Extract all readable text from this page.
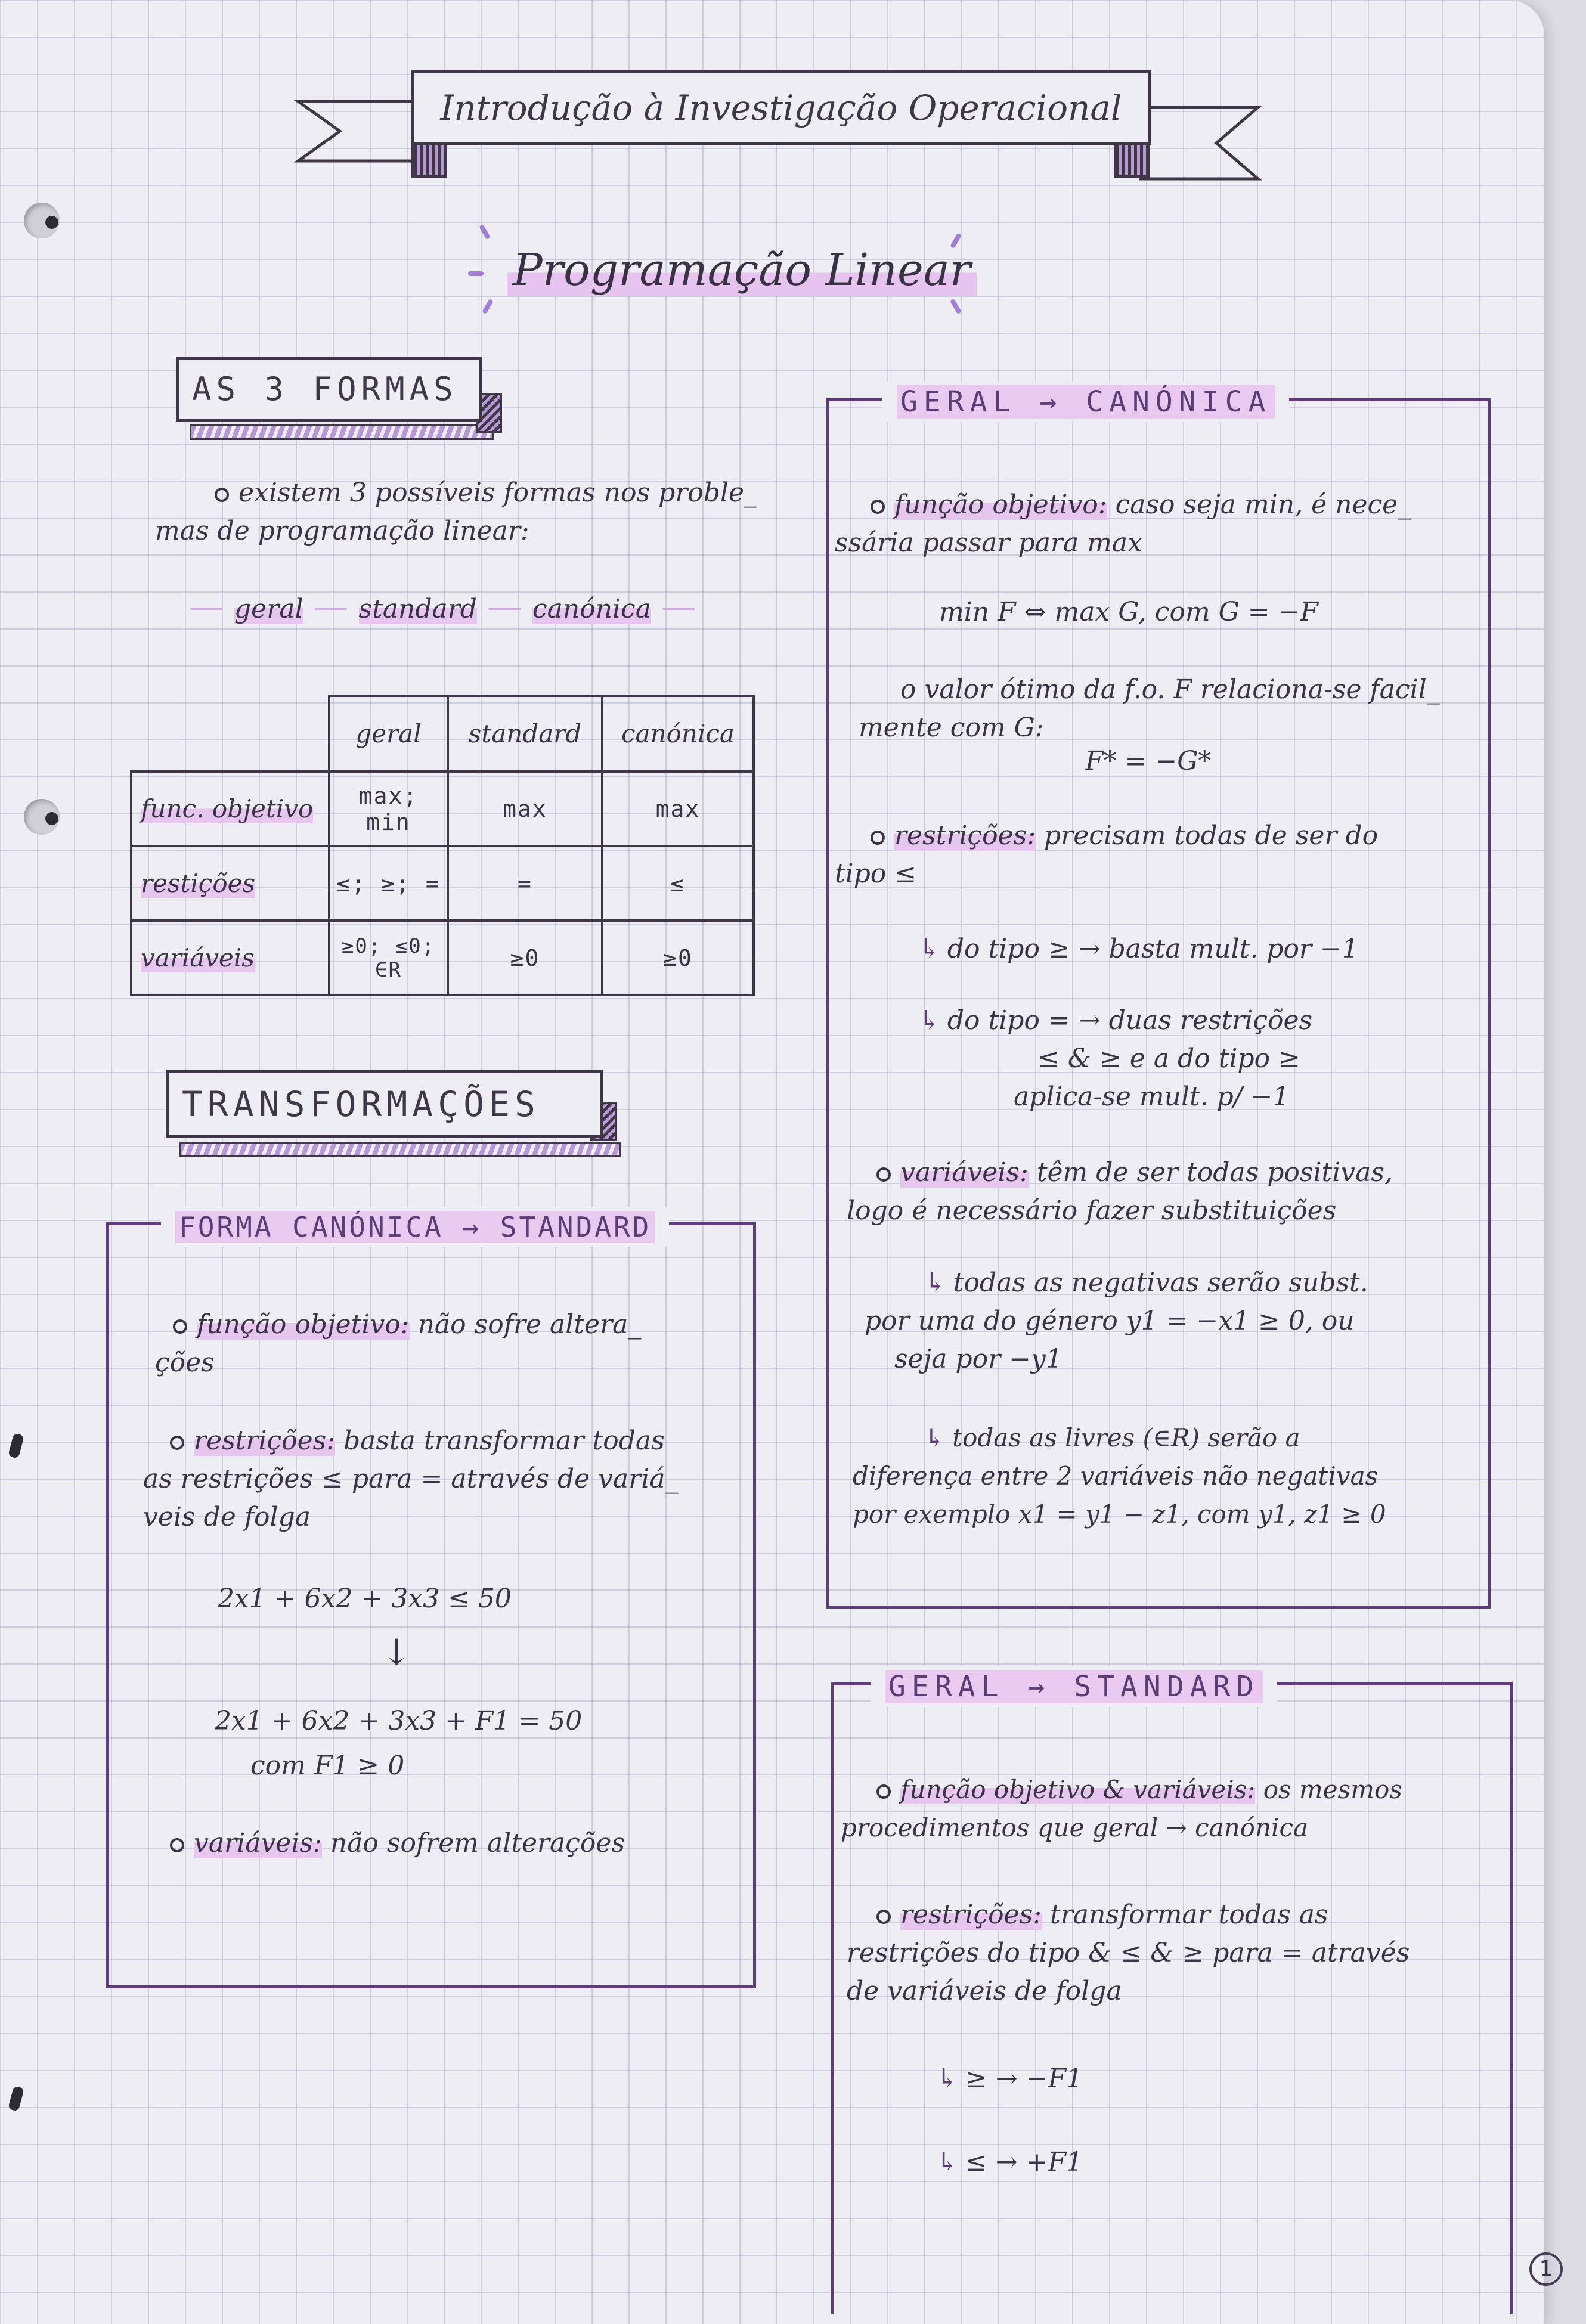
Introdução à Investigação Operacional
Programação Linear
AS 3 FORMAS
existem 3 possíveis formas nos proble_
mas de programação linear:
── geral ── standard ── canónica ──
	geral	standard	canónica
func. objetivo	max; min	max	max
restições	≤; ≥; =	=	≤
variáveis	≥0; ≤0; ∈R	≥0	≥0
TRANSFORMAÇÕES
FORMA CANÓNICA → STANDARD
função objetivo: não sofre altera_
ções
restrições: basta transformar todas
as restrições ≤ para = através de variá_
veis de folga
2x1 + 6x2 + 3x3 ≤ 50
↓
2x1 + 6x2 + 3x3 + F1 = 50
com F1 ≥ 0
variáveis: não sofrem alterações
GERAL → CANÓNICA
função objetivo: caso seja min, é nece_
ssária passar para max
min F ⇔ max G, com G = −F
o valor ótimo da f.o. F relaciona-se facil_
mente com G:
F* = −G*
restrições: precisam todas de ser do
tipo ≤
↳ do tipo ≥ → basta mult. por −1
↳ do tipo = → duas restrições
≤ & ≥ e a do tipo ≥
aplica-se mult. p/ −1
variáveis: têm de ser todas positivas,
logo é necessário fazer substituições
↳ todas as negativas serão subst.
por uma do género y1 = −x1 ≥ 0, ou
seja por −y1
↳ todas as livres (∈R) serão a
diferença entre 2 variáveis não negativas
por exemplo x1 = y1 − z1, com y1, z1 ≥ 0
GERAL → STANDARD
função objetivo & variáveis: os mesmos
procedimentos que geral → canónica
restrições: transformar todas as
restrições do tipo & ≤ & ≥ para = através
de variáveis de folga
↳ ≥ → −F1
↳ ≤ → +F1
1
